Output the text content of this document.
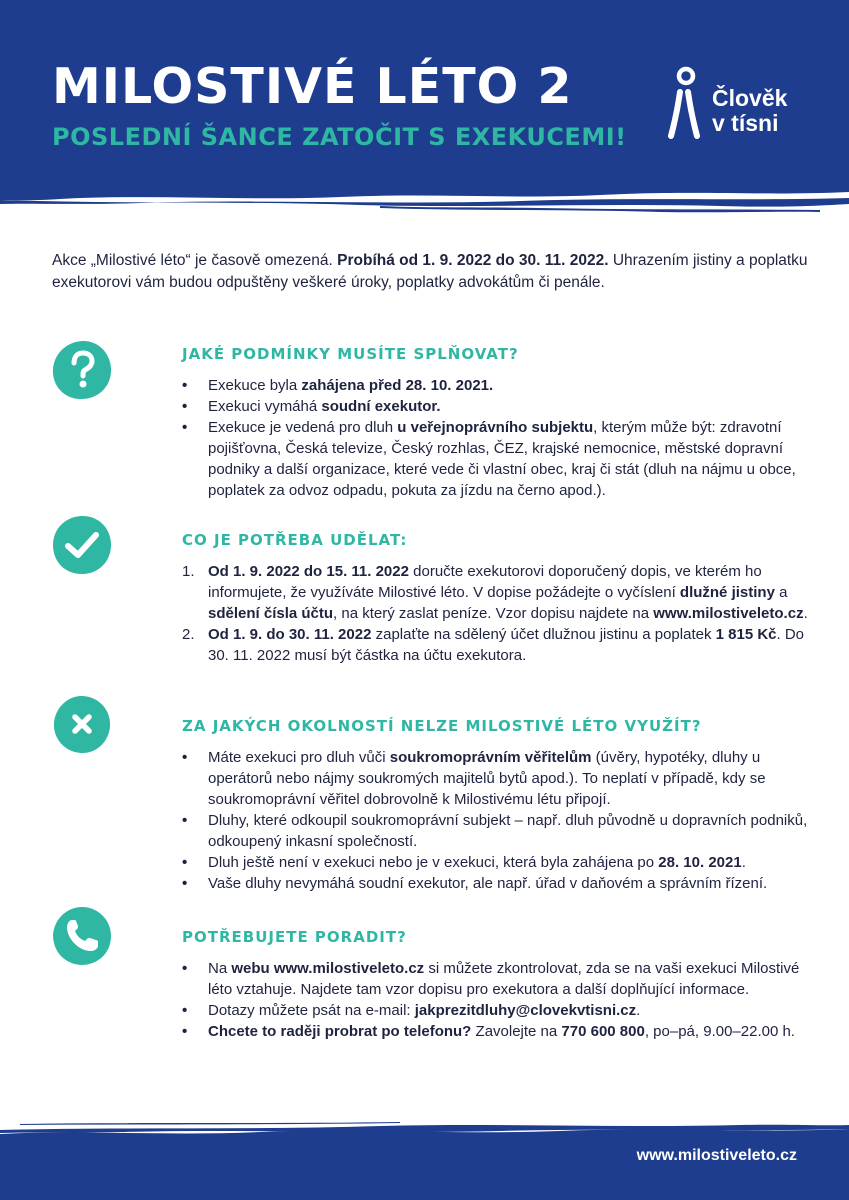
MILOSTIVÉ LÉTO 2
POSLEDNÍ ŠANCE ZATOČIT S EXEKUCEMI!
Člověk
v tísni

Akce „Milostivé léto“ je časově omezená. Probíhá od 1. 9. 2022 do 30. 11. 2022. Uhrazením jistiny a poplatku exekutorovi vám budou odpuštěny veškeré úroky, poplatky advokátům či penále.

JAKÉ PODMÍNKY MUSÍTE SPLŇOVAT?
• Exekuce byla zahájena před 28. 10. 2021.
• Exekuci vymáhá soudní exekutor.
• Exekuce je vedená pro dluh u veřejnoprávního subjektu, kterým může být: zdravotní pojišťovna, Česká televize, Český rozhlas, ČEZ, krajské nemocnice, městské dopravní podniky a další organizace, které vede či vlastní obec, kraj či stát (dluh na nájmu u obce, poplatek za odvoz odpadu, pokuta za jízdu na černo apod.).
CO JE POTŘEBA UDĚLAT:
1. Od 1. 9. 2022 do 15. 11. 2022 doručte exekutorovi doporučený dopis, ve kterém ho informujete, že využíváte Milostivé léto. V dopise požádejte o vyčíslení dlužné jistiny a sdělení čísla účtu, na který zaslat peníze. Vzor dopisu najdete na www.milostiveleto.cz.
2. Od 1. 9. do 30. 11. 2022 zaplaťte na sdělený účet dlužnou jistinu a poplatek 1 815 Kč. Do 30. 11. 2022 musí být částka na účtu exekutora.
ZA JAKÝCH OKOLNOSTÍ NELZE MILOSTIVÉ LÉTO VYUŽÍT?
• Máte exekuci pro dluh vůči soukromoprávním věřitelům (úvěry, hypotéky, dluhy u operátorů nebo nájmy soukromých majitelů bytů apod.). To neplatí v případě, kdy se soukromoprávní věřitel dobrovolně k Milostivému létu připojí.
• Dluhy, které odkoupil soukromoprávní subjekt – např. dluh původně u dopravních podniků, odkoupený inkasní společností.
• Dluh ještě není v exekuci nebo je v exekuci, která byla zahájena po 28. 10. 2021.
• Vaše dluhy nevymáhá soudní exekutor, ale např. úřad v daňovém a správním řízení.
POTŘEBUJETE PORADIT?
• Na webu www.milostiveleto.cz si můžete zkontrolovat, zda se na vaši exekuci Milostivé léto vztahuje. Najdete tam vzor dopisu pro exekutora a další doplňující informace.
• Dotazy můžete psát na e-mail: jakprezitdluhy@clovekvtisni.cz.
• Chcete to raději probrat po telefonu? Zavolejte na 770 600 800, po–pá, 9.00–22.00 h.
www.milostiveleto.cz
